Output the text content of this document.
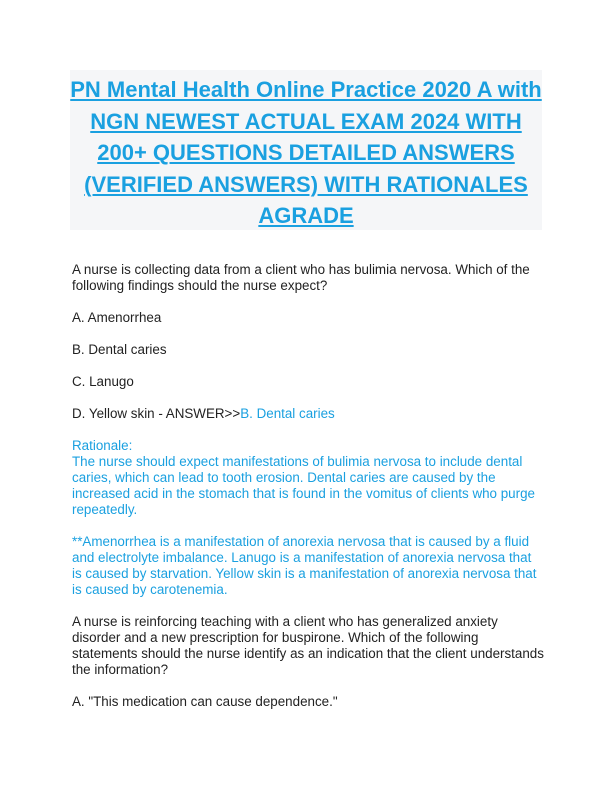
PN Mental Health Online Practice 2020 A with NGN NEWEST ACTUAL EXAM 2024 WITH 200+ QUESTIONS DETAILED ANSWERS (VERIFIED ANSWERS) WITH RATIONALES AGRADE

A nurse is collecting data from a client who has bulimia nervosa. Which of the following findings should the nurse expect?

A. Amenorrhea

B. Dental caries

C. Lanugo

D. Yellow skin - ANSWER>>B. Dental caries

Rationale:

The nurse should expect manifestations of bulimia nervosa to include dental caries, which can lead to tooth erosion. Dental caries are caused by the increased acid in the stomach that is found in the vomitus of clients who purge repeatedly.

**Amenorrhea is a manifestation of anorexia nervosa that is caused by a fluid and electrolyte imbalance. Lanugo is a manifestation of anorexia nervosa that is caused by starvation. Yellow skin is a manifestation of anorexia nervosa that is caused by carotenemia.

A nurse is reinforcing teaching with a client who has generalized anxiety disorder and a new prescription for buspirone. Which of the following statements should the nurse identify as an indication that the client understands the information?

A. "This medication can cause dependence."
